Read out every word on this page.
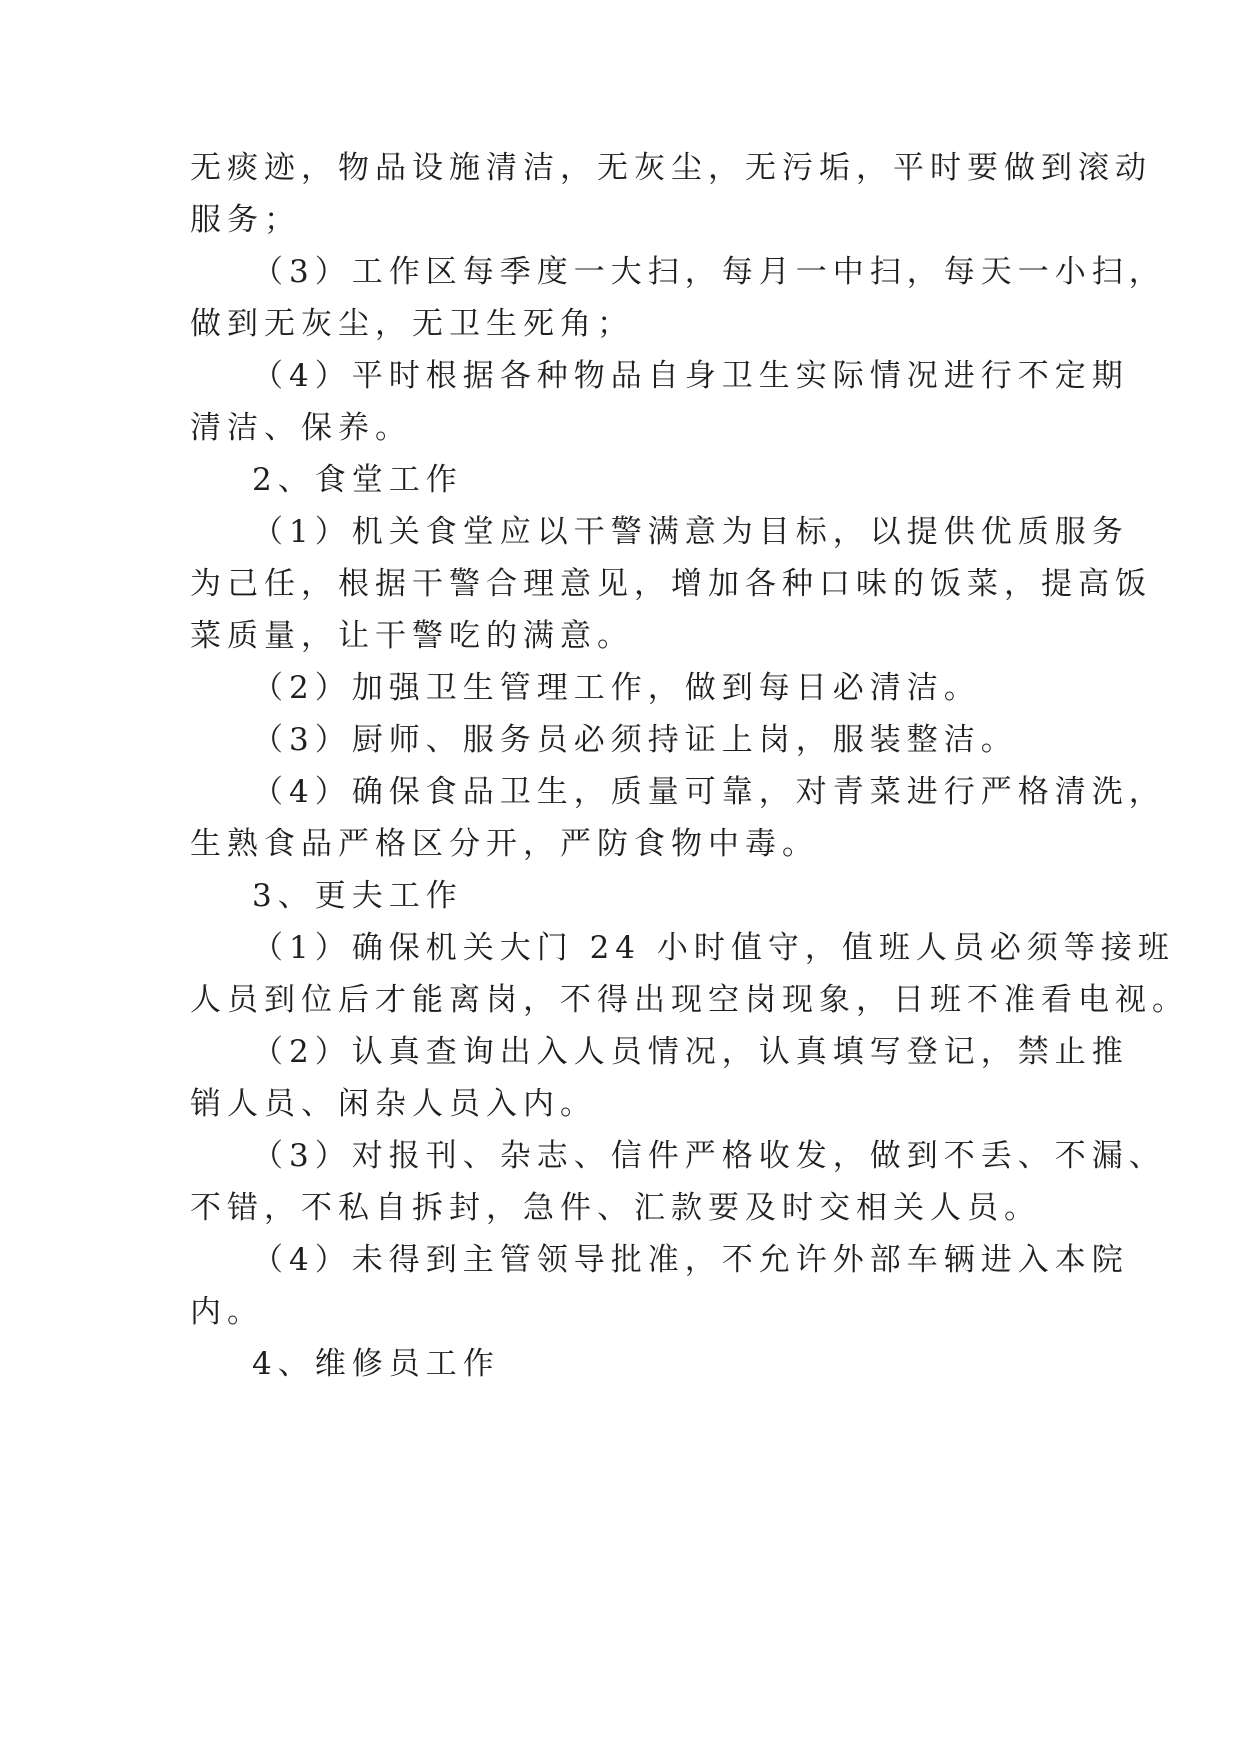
无痰迹，物品设施清洁，无灰尘，无污垢，平时要做到滚动
服务；
（3）工作区每季度一大扫，每月一中扫，每天一小扫，
做到无灰尘，无卫生死角；
（4）平时根据各种物品自身卫生实际情况进行不定期
清洁、保养。
2、食堂工作
（1）机关食堂应以干警满意为目标，以提供优质服务
为己任，根据干警合理意见，增加各种口味的饭菜，提高饭
菜质量，让干警吃的满意。
（2）加强卫生管理工作，做到每日必清洁。
（3）厨师、服务员必须持证上岗，服装整洁。
（4）确保食品卫生，质量可靠，对青菜进行严格清洗，
生熟食品严格区分开，严防食物中毒。
3、更夫工作
（1）确保机关大门 24 小时值守，值班人员必须等接班
人员到位后才能离岗，不得出现空岗现象，日班不准看电视。
（2）认真查询出入人员情况，认真填写登记，禁止推
销人员、闲杂人员入内。
（3）对报刊、杂志、信件严格收发，做到不丢、不漏、
不错，不私自拆封，急件、汇款要及时交相关人员。
（4）未得到主管领导批准，不允许外部车辆进入本院
内。
4、维修员工作
